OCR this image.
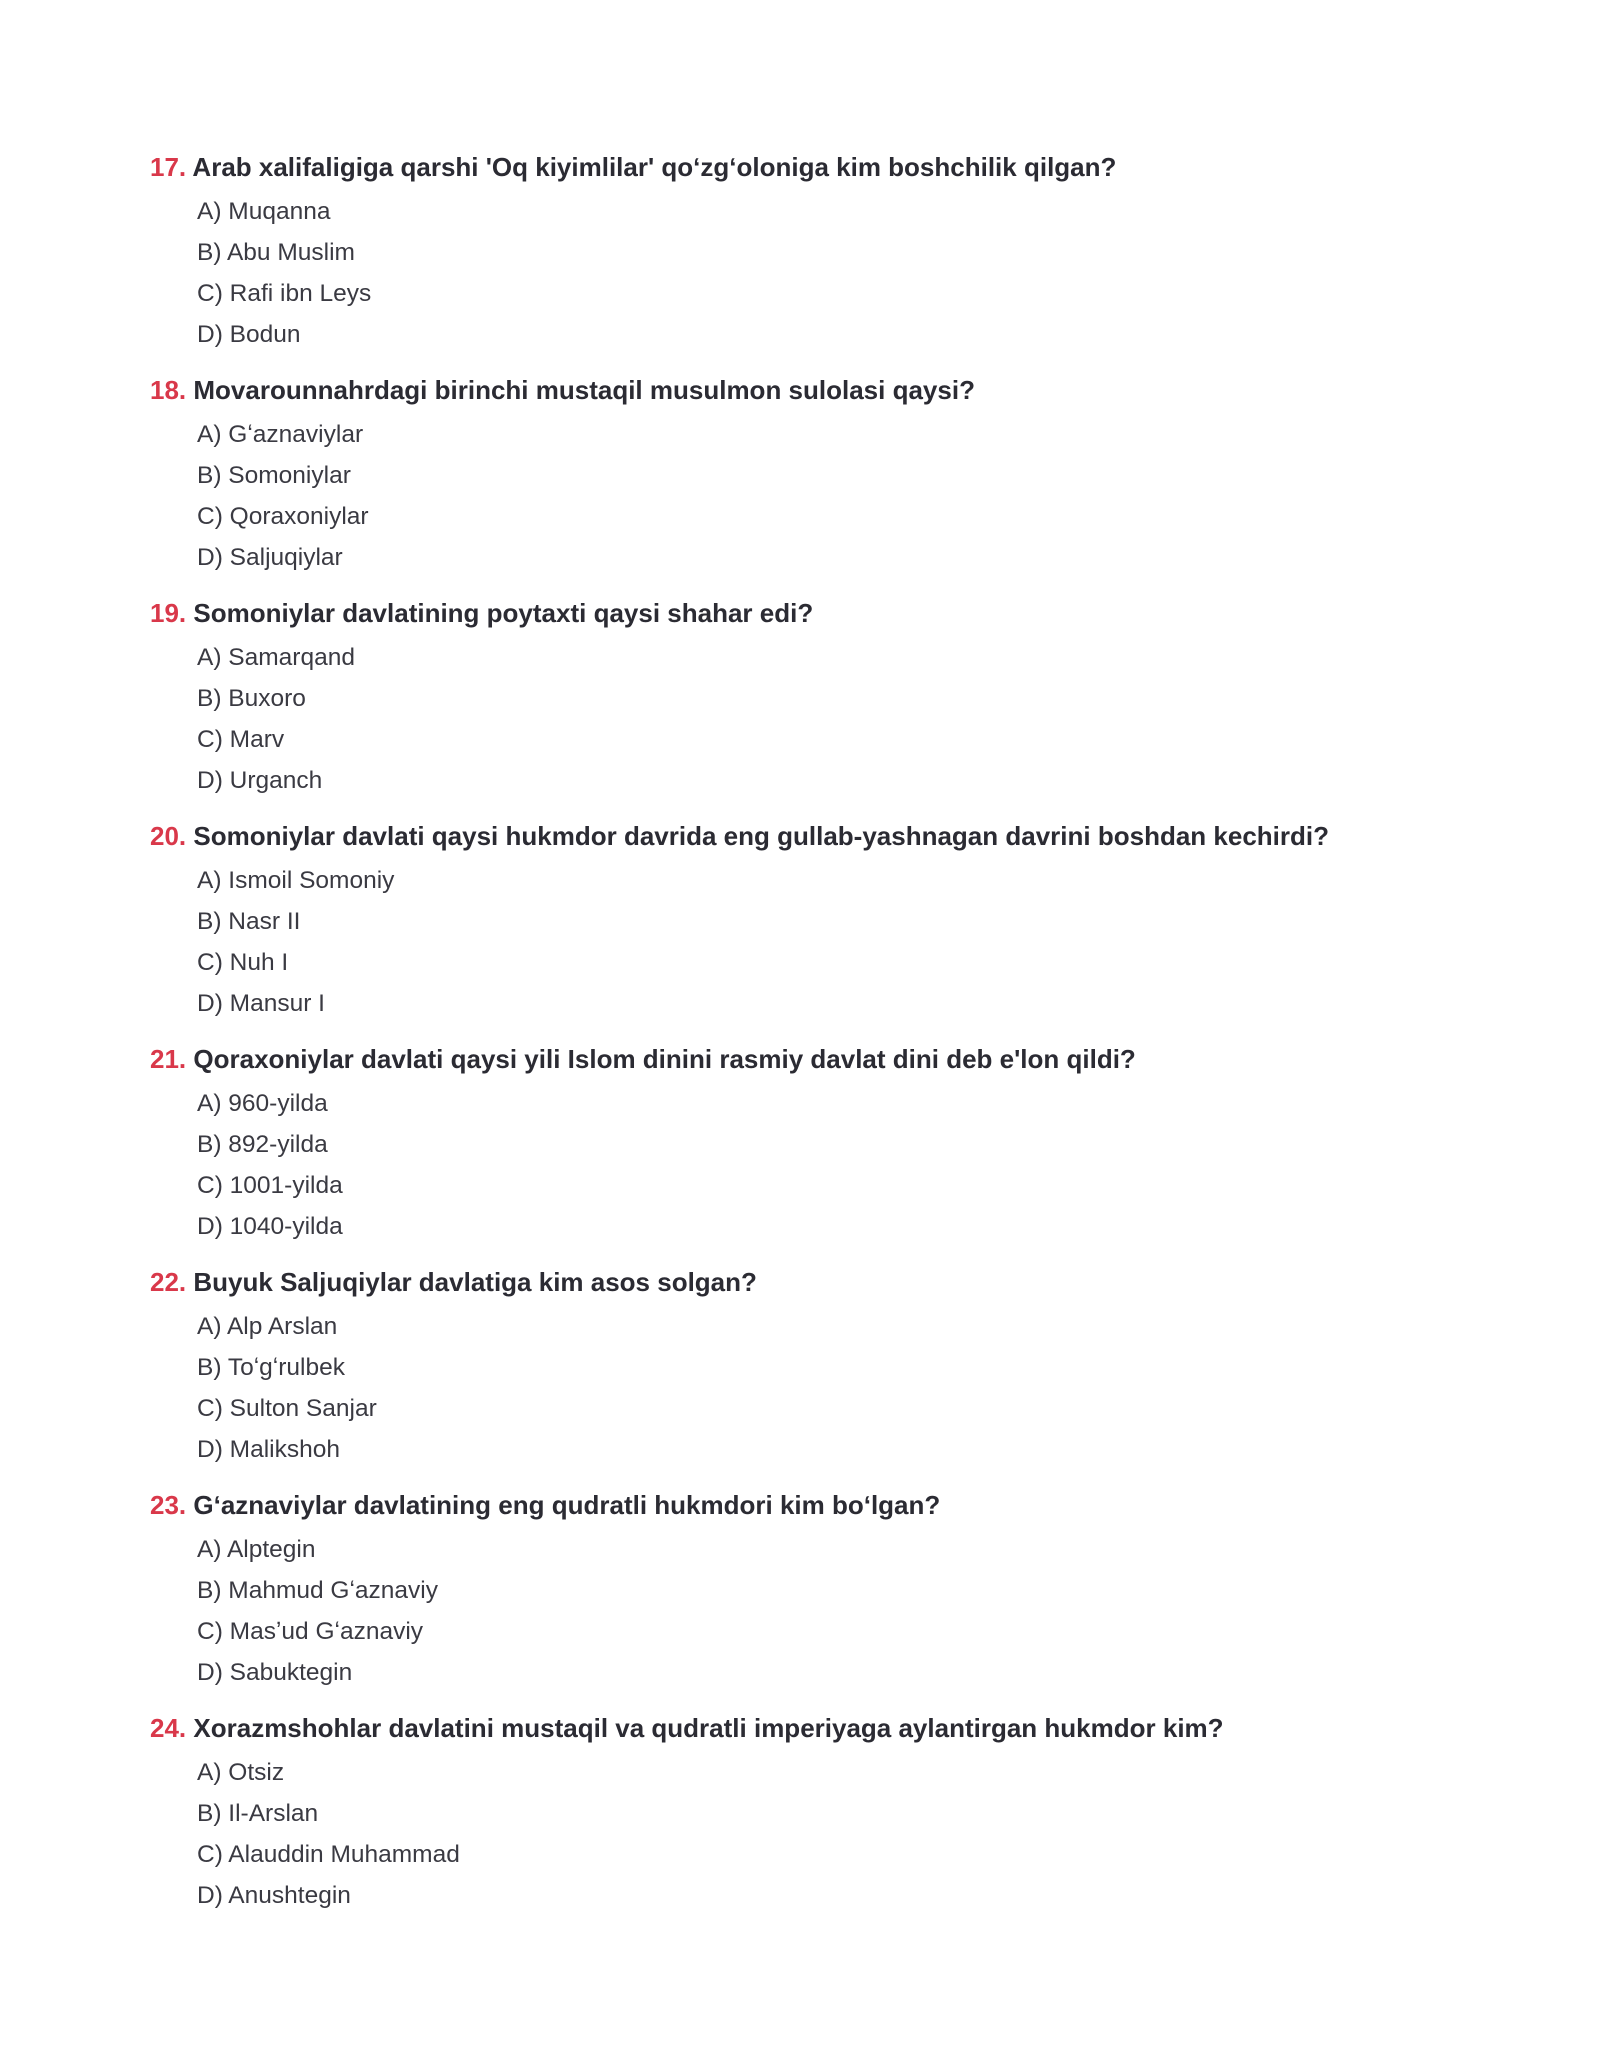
17. Arab xalifaligiga qarshi 'Oq kiyimlilar' qoʻzgʻoloniga kim boshchilik qilgan?
A) Muqanna
B) Abu Muslim
C) Rafi ibn Leys
D) Bodun
18. Movarounnahrdagi birinchi mustaqil musulmon sulolasi qaysi?
A) Gʻaznaviylar
B) Somoniylar
C) Qoraxoniylar
D) Saljuqiylar
19. Somoniylar davlatining poytaxti qaysi shahar edi?
A) Samarqand
B) Buxoro
C) Marv
D) Urganch
20. Somoniylar davlati qaysi hukmdor davrida eng gullab-yashnagan davrini boshdan kechirdi?
A) Ismoil Somoniy
B) Nasr II
C) Nuh I
D) Mansur I
21. Qoraxoniylar davlati qaysi yili Islom dinini rasmiy davlat dini deb e'lon qildi?
A) 960-yilda
B) 892-yilda
C) 1001-yilda
D) 1040-yilda
22. Buyuk Saljuqiylar davlatiga kim asos solgan?
A) Alp Arslan
B) Toʻgʻrulbek
C) Sulton Sanjar
D) Malikshoh
23. Gʻaznaviylar davlatining eng qudratli hukmdori kim boʻlgan?
A) Alptegin
B) Mahmud Gʻaznaviy
C) Masʼud Gʻaznaviy
D) Sabuktegin
24. Xorazmshohlar davlatini mustaqil va qudratli imperiyaga aylantirgan hukmdor kim?
A) Otsiz
B) Il-Arslan
C) Alauddin Muhammad
D) Anushtegin
